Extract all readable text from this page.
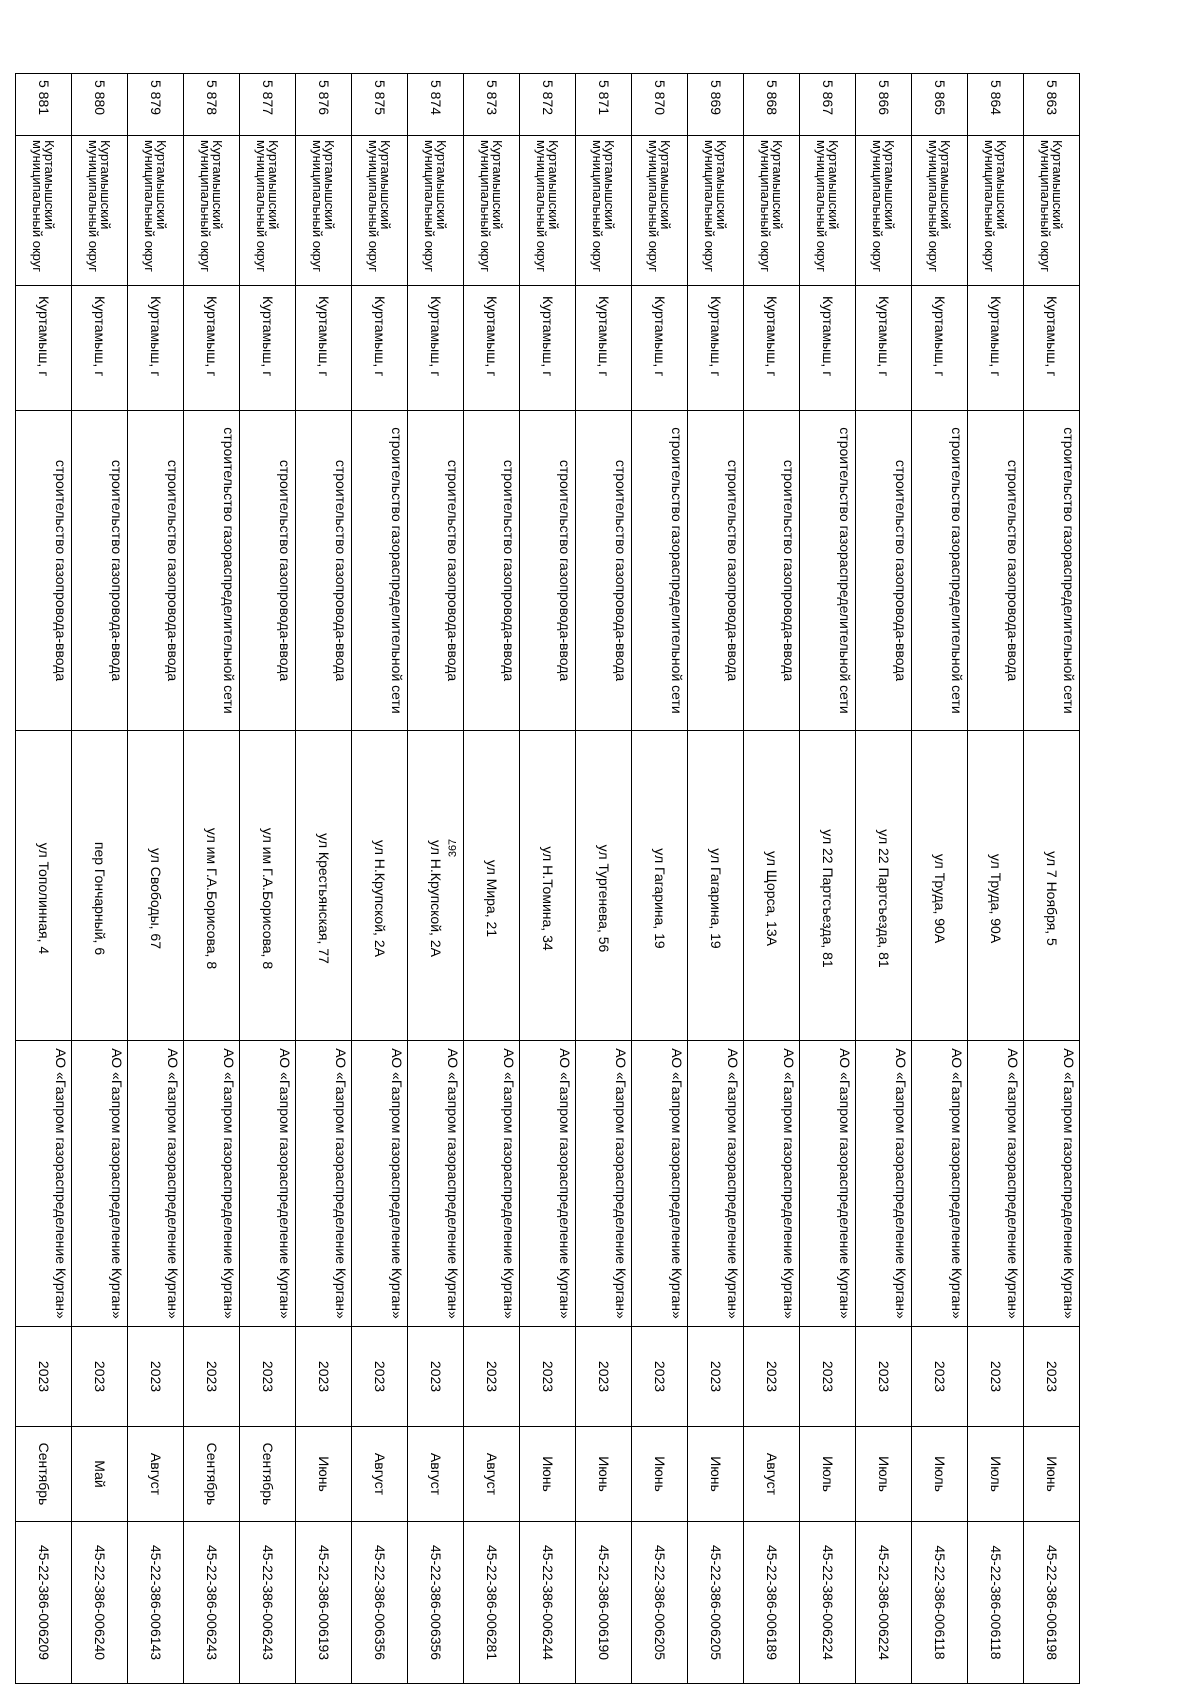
367
5 863	Куртамышский муниципальный округ	Куртамыш, г	строительство газораспределительной сети	ул 7 Ноября, 5	АО «Газпром газораспределение Курган»	2023	Июнь	45-22-386-006198
5 864	Куртамышский муниципальный округ	Куртамыш, г	строительство газопровода-ввода	ул Труда, 90А	АО «Газпром газораспределение Курган»	2023	Июль	45-22-386-006118
5 865	Куртамышский муниципальный округ	Куртамыш, г	строительство газораспределительной сети	ул Труда, 90А	АО «Газпром газораспределение Курган»	2023	Июль	45-22-386-006118
5 866	Куртамышский муниципальный округ	Куртамыш, г	строительство газопровода-ввода	ул 22 Партсъезда, 81	АО «Газпром газораспределение Курган»	2023	Июль	45-22-386-006224
5 867	Куртамышский муниципальный округ	Куртамыш, г	строительство газораспределительной сети	ул 22 Партсъезда, 81	АО «Газпром газораспределение Курган»	2023	Июль	45-22-386-006224
5 868	Куртамышский муниципальный округ	Куртамыш, г	строительство газопровода-ввода	ул Щорса, 13А	АО «Газпром газораспределение Курган»	2023	Август	45-22-386-006189
5 869	Куртамышский муниципальный округ	Куртамыш, г	строительство газопровода-ввода	ул Гагарина, 19	АО «Газпром газораспределение Курган»	2023	Июнь	45-22-386-006205
5 870	Куртамышский муниципальный округ	Куртамыш, г	строительство газораспределительной сети	ул Гагарина, 19	АО «Газпром газораспределение Курган»	2023	Июнь	45-22-386-006205
5 871	Куртамышский муниципальный округ	Куртамыш, г	строительство газопровода-ввода	ул Тургенева, 56	АО «Газпром газораспределение Курган»	2023	Июнь	45-22-386-006190
5 872	Куртамышский муниципальный округ	Куртамыш, г	строительство газопровода-ввода	ул Н.Томина, 34	АО «Газпром газораспределение Курган»	2023	Июнь	45-22-386-006244
5 873	Куртамышский муниципальный округ	Куртамыш, г	строительство газопровода-ввода	ул Мира, 21	АО «Газпром газораспределение Курган»	2023	Август	45-22-386-006281
5 874	Куртамышский муниципальный округ	Куртамыш, г	строительство газопровода-ввода	ул Н.Крупской, 2А	АО «Газпром газораспределение Курган»	2023	Август	45-22-386-006356
5 875	Куртамышский муниципальный округ	Куртамыш, г	строительство газораспределительной сети	ул Н.Крупской, 2А	АО «Газпром газораспределение Курган»	2023	Август	45-22-386-006356
5 876	Куртамышский муниципальный округ	Куртамыш, г	строительство газопровода-ввода	ул Крестьянская, 77	АО «Газпром газораспределение Курган»	2023	Июнь	45-22-386-006193
5 877	Куртамышский муниципальный округ	Куртамыш, г	строительство газопровода-ввода	ул им Г.А.Борисова, 8	АО «Газпром газораспределение Курган»	2023	Сентябрь	45-22-386-006243
5 878	Куртамышский муниципальный округ	Куртамыш, г	строительство газораспределительной сети	ул им Г.А.Борисова, 8	АО «Газпром газораспределение Курган»	2023	Сентябрь	45-22-386-006243
5 879	Куртамышский муниципальный округ	Куртамыш, г	строительство газопровода-ввода	ул Свободы, 67	АО «Газпром газораспределение Курган»	2023	Август	45-22-386-006143
5 880	Куртамышский муниципальный округ	Куртамыш, г	строительство газопровода-ввода	пер Гончарный, 6	АО «Газпром газораспределение Курган»	2023	Май	45-22-386-006240
5 881	Куртамышский муниципальный округ	Куртамыш, г	строительство газопровода-ввода	ул Тополинная, 4	АО «Газпром газораспределение Курган»	2023	Сентябрь	45-22-386-006209
